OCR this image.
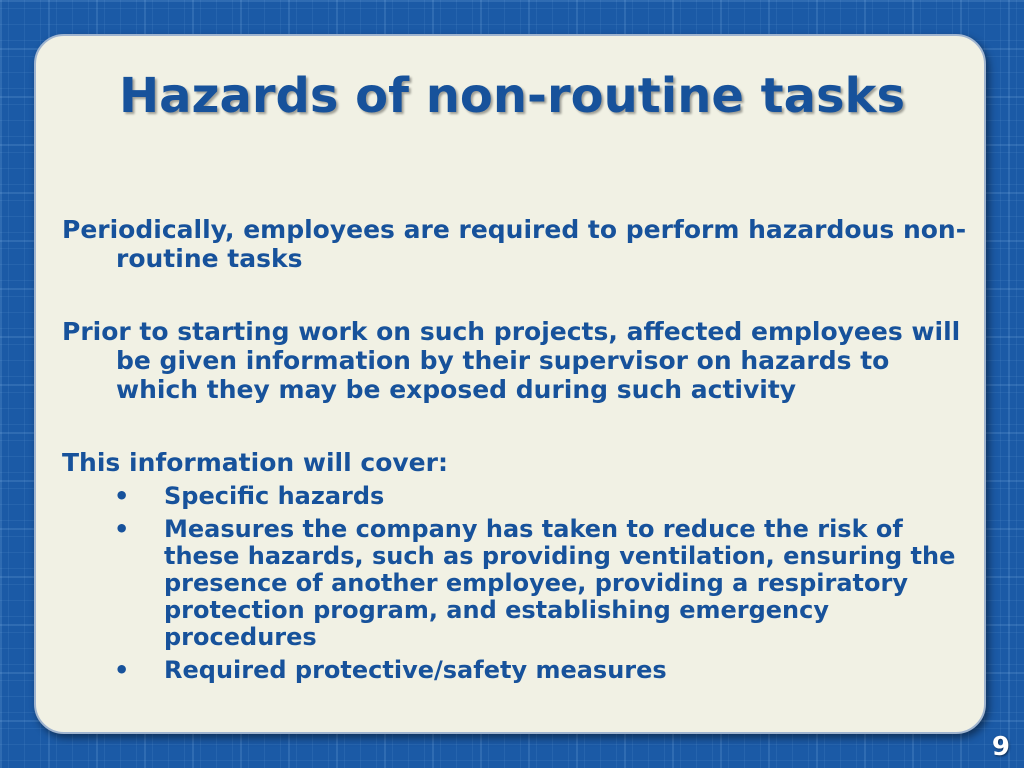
Hazards of non-routine tasks

Periodically, employees are required to perform hazardous non-routine tasks

Prior to starting work on such projects, affected employees will be given information by their supervisor on hazards to which they may be exposed during such activity

This information will cover:

• Specific hazards
• Measures the company has taken to reduce the risk of these hazards, such as providing ventilation, ensuring the presence of another employee, providing a respiratory protection program, and establishing emergency procedures
• Required protective/safety measures
9
